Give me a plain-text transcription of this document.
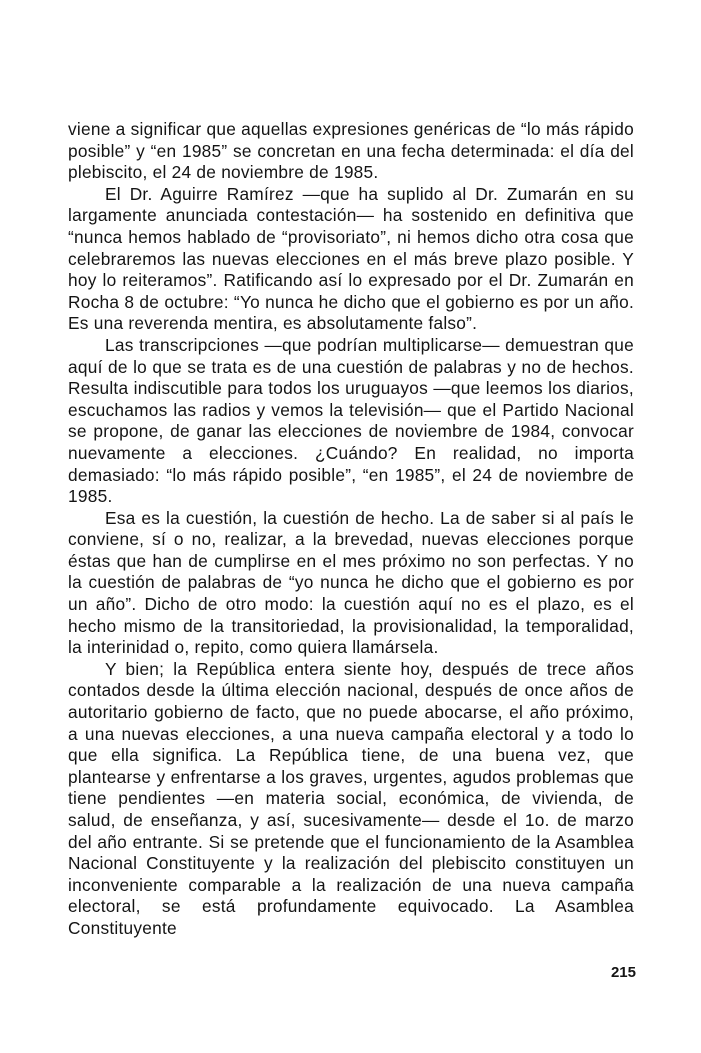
viene a significar que aquellas expresiones genéricas de “lo más rápido posible” y “en 1985” se concretan en una fecha determinada: el día del plebiscito, el 24 de noviembre de 1985.

El Dr. Aguirre Ramírez —que ha suplido al Dr. Zumarán en su largamente anunciada contestación— ha sostenido en definitiva que “nunca hemos hablado de “provisoriato”, ni hemos dicho otra cosa que celebraremos las nuevas elecciones en el más breve plazo posible. Y hoy lo reiteramos”. Ratificando así lo expresado por el Dr. Zumarán en Rocha 8 de octubre: “Yo nunca he dicho que el gobierno es por un año. Es una reverenda mentira, es absolutamente falso”.

Las transcripciones —que podrían multiplicarse— demuestran que aquí de lo que se trata es de una cuestión de palabras y no de hechos. Resulta indiscutible para todos los uruguayos —que leemos los diarios, escuchamos las radios y vemos la televisión— que el Partido Nacional se propone, de ganar las elecciones de noviembre de 1984, convocar nuevamente a elecciones. ¿Cuándo? En realidad, no importa demasiado: “lo más rápido posible”, “en 1985”, el 24 de noviembre de 1985.

Esa es la cuestión, la cuestión de hecho. La de saber si al país le conviene, sí o no, realizar, a la brevedad, nuevas elecciones porque éstas que han de cumplirse en el mes próximo no son perfectas. Y no la cuestión de palabras de “yo nunca he dicho que el gobierno es por un año”. Dicho de otro modo: la cuestión aquí no es el plazo, es el hecho mismo de la transitoriedad, la provisionalidad, la temporalidad, la interinidad o, repito, como quiera llamársela.

Y bien; la República entera siente hoy, después de trece años contados desde la última elección nacional, después de once años de autoritario gobierno de facto, que no puede abocarse, el año próximo, a una nuevas elecciones, a una nueva campaña electoral y a todo lo que ella significa. La República tiene, de una buena vez, que plantearse y enfrentarse a los graves, urgentes, agudos problemas que tiene pendientes —en materia social, económica, de vivienda, de salud, de enseñanza, y así, sucesivamente— desde el 1o. de marzo del año entrante. Si se pretende que el funcionamiento de la Asamblea Nacional Constituyente y la realización del plebiscito constituyen un inconveniente comparable a la realización de una nueva campaña electoral, se está profundamente equivocado. La Asamblea Constituyente

215
